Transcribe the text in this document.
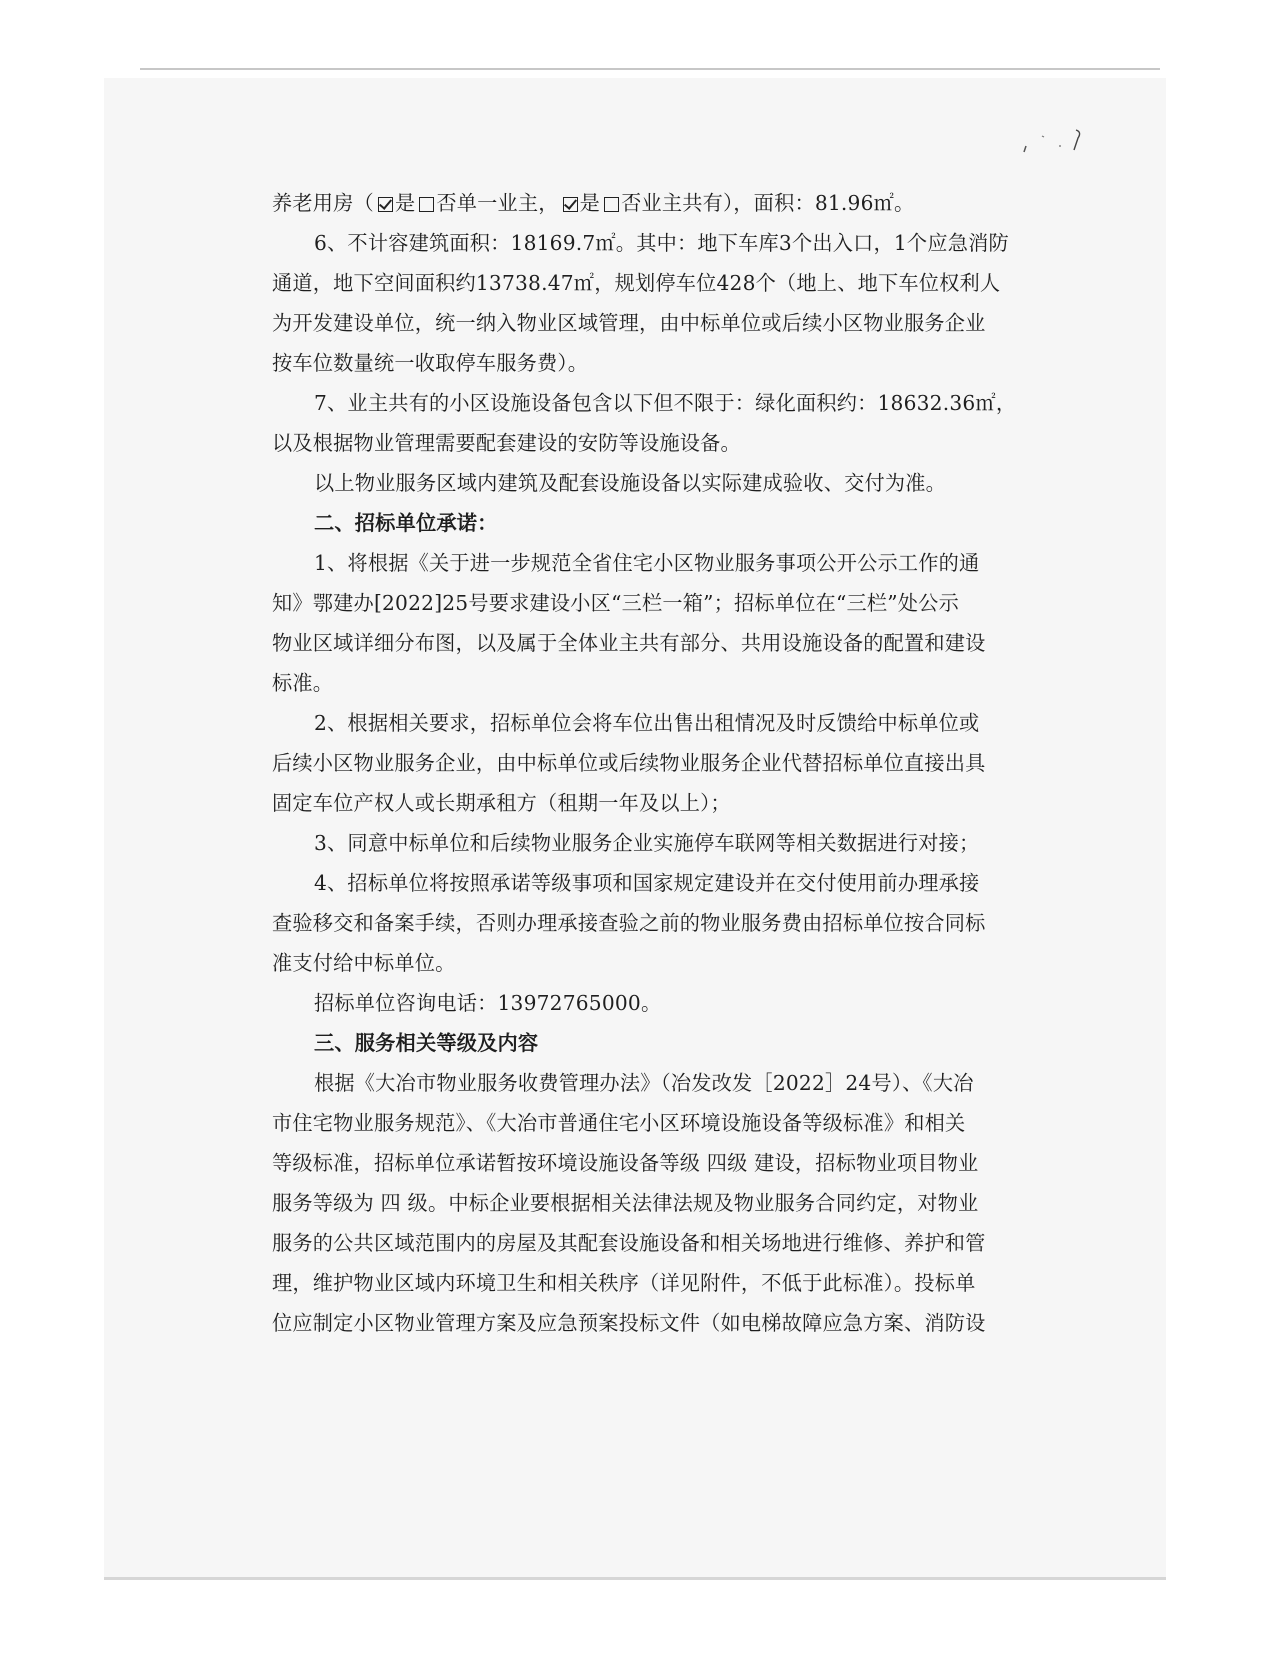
养老用房（ 是 否单一业主， 是 否业主共有），面积：81.96㎡。
6、不计容建筑面积：18169.7㎡。其中：地下车库3个出入口，1个应急消防
通道，地下空间面积约13738.47㎡，规划停车位428个（地上、地下车位权利人
为开发建设单位，统一纳入物业区域管理，由中标单位或后续小区物业服务企业
按车位数量统一收取停车服务费）。
7、业主共有的小区设施设备包含以下但不限于：绿化面积约：18632.36㎡，
以及根据物业管理需要配套建设的安防等设施设备。
以上物业服务区域内建筑及配套设施设备以实际建成验收、交付为准。
二、招标单位承诺：
1、将根据《关于进一步规范全省住宅小区物业服务事项公开公示工作的通
知》鄂建办[2022]25号要求建设小区“三栏一箱”；招标单位在“三栏”处公示
物业区域详细分布图，以及属于全体业主共有部分、共用设施设备的配置和建设
标准。
2、根据相关要求，招标单位会将车位出售出租情况及时反馈给中标单位或
后续小区物业服务企业，由中标单位或后续物业服务企业代替招标单位直接出具
固定车位产权人或长期承租方（租期一年及以上）；
3、同意中标单位和后续物业服务企业实施停车联网等相关数据进行对接；
4、招标单位将按照承诺等级事项和国家规定建设并在交付使用前办理承接
查验移交和备案手续，否则办理承接查验之前的物业服务费由招标单位按合同标
准支付给中标单位。
招标单位咨询电话：13972765000。
三、服务相关等级及内容
根据《大冶市物业服务收费管理办法》（冶发改发［2022］24号）、《大冶
市住宅物业服务规范》、《大冶市普通住宅小区环境设施设备等级标准》和相关
等级标准，招标单位承诺暂按环境设施设备等级 四级 建设，招标物业项目物业
服务等级为 四 级。中标企业要根据相关法律法规及物业服务合同约定，对物业
服务的公共区域范围内的房屋及其配套设施设备和相关场地进行维修、养护和管
理，维护物业区域内环境卫生和相关秩序（详见附件，不低于此标准）。投标单
位应制定小区物业管理方案及应急预案投标文件（如电梯故障应急方案、消防设
